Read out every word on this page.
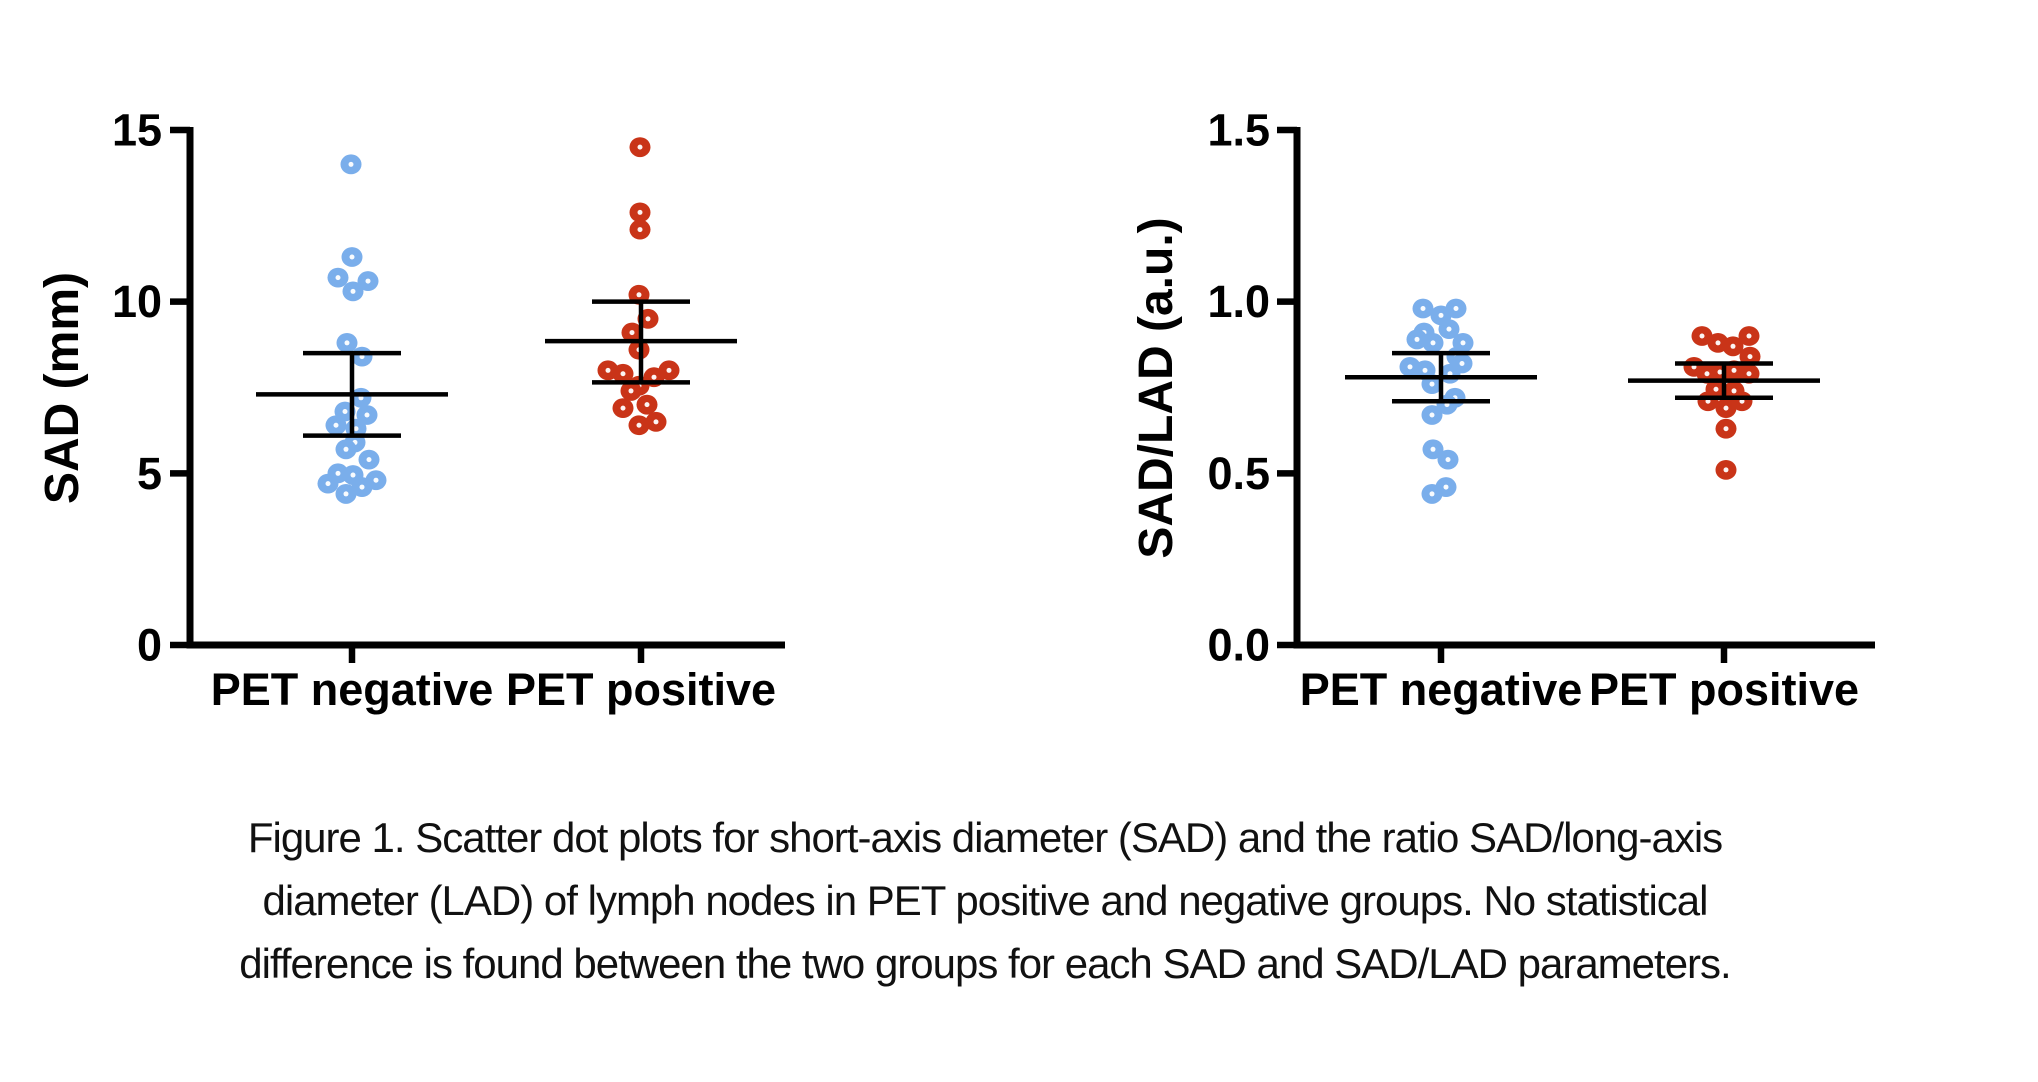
0
5
10
15
PET negative PET positive
SAD (mm)
0.0
0.5
1.0
1.5
PET negative PET positive
SAD/LAD (a.u.)
Figure 1. Scatter dot plots for short-axis diameter (SAD) and the ratio SAD/long-axis
diameter (LAD) of lymph nodes in PET positive and negative groups. No statistical
difference is found between the two groups for each SAD and SAD/LAD parameters.
